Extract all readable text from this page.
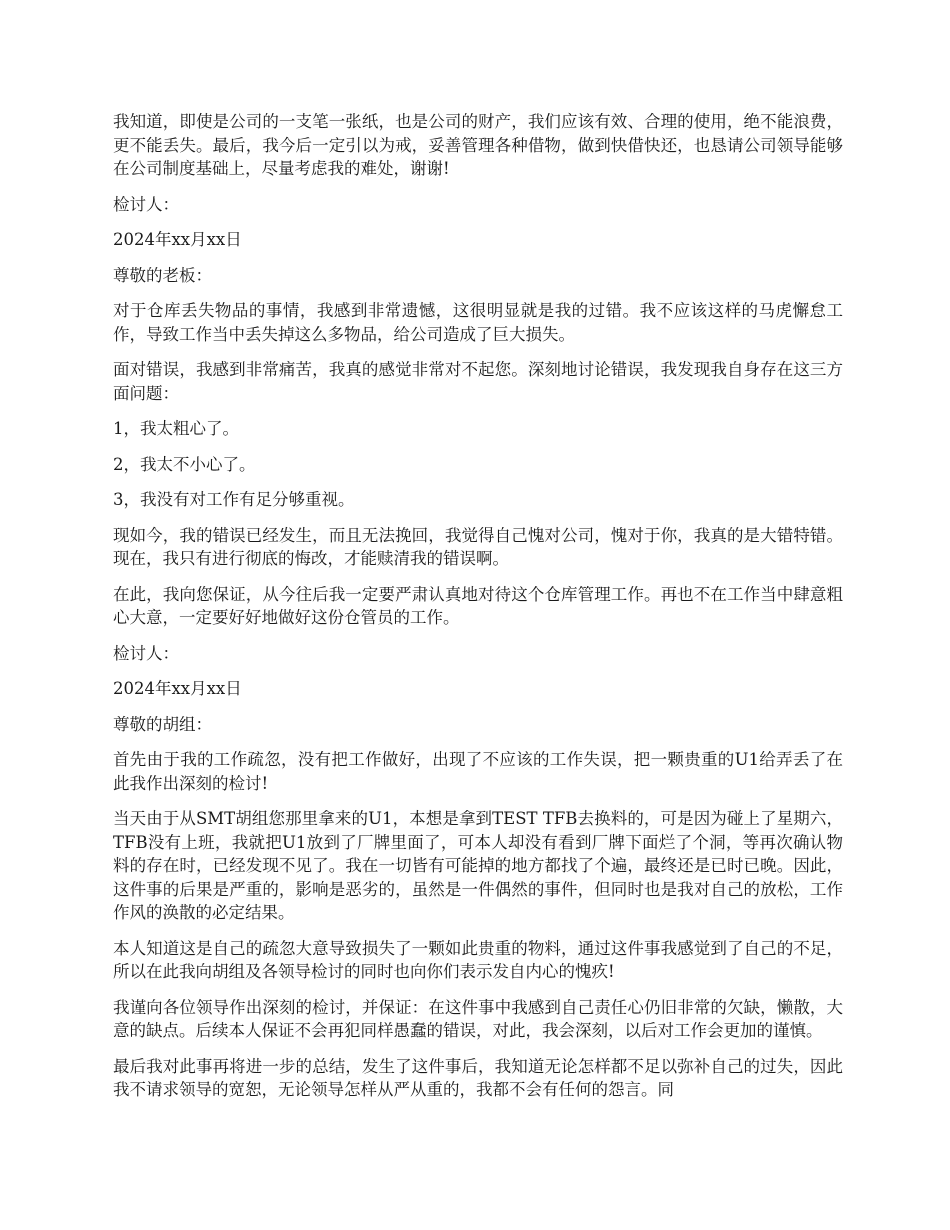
我知道，即使是公司的一支笔一张纸，也是公司的财产，我们应该有效、合理的使用，绝不能浪费，更不能丢失。最后，我今后一定引以为戒，妥善管理各种借物，做到快借快还，也恳请公司领导能够在公司制度基础上，尽量考虑我的难处，谢谢!

检讨人：

2024年xx月xx日

尊敬的老板：

对于仓库丢失物品的事情，我感到非常遗憾，这很明显就是我的过错。我不应该这样的马虎懈怠工作，导致工作当中丢失掉这么多物品，给公司造成了巨大损失。

面对错误，我感到非常痛苦，我真的感觉非常对不起您。深刻地讨论错误，我发现我自身存在这三方面问题：

1，我太粗心了。

2，我太不小心了。

3，我没有对工作有足分够重视。

现如今，我的错误已经发生，而且无法挽回，我觉得自己愧对公司，愧对于你，我真的是大错特错。现在，我只有进行彻底的悔改，才能赎清我的错误啊。

在此，我向您保证，从今往后我一定要严肃认真地对待这个仓库管理工作。再也不在工作当中肆意粗心大意，一定要好好地做好这份仓管员的工作。

检讨人：

2024年xx月xx日

尊敬的胡组：

首先由于我的工作疏忽，没有把工作做好，出现了不应该的工作失误，把一颗贵重的U1给弄丢了在此我作出深刻的检讨!

当天由于从SMT胡组您那里拿来的U1，本想是拿到TEST TFB去换料的，可是因为碰上了星期六，TFB没有上班，我就把U1放到了厂牌里面了，可本人却没有看到厂牌下面烂了个洞，等再次确认物料的存在时，已经发现不见了。我在一切皆有可能掉的地方都找了个遍，最终还是已时已晚。因此，这件事的后果是严重的，影响是恶劣的，虽然是一件偶然的事件，但同时也是我对自己的放松，工作作风的涣散的必定结果。

本人知道这是自己的疏忽大意导致损失了一颗如此贵重的物料，通过这件事我感觉到了自己的不足，所以在此我向胡组及各领导检讨的同时也向你们表示发自内心的愧疚!

我谨向各位领导作出深刻的检讨，并保证：在这件事中我感到自己责任心仍旧非常的欠缺，懒散，大意的缺点。后续本人保证不会再犯同样愚蠢的错误，对此，我会深刻，以后对工作会更加的谨慎。

最后我对此事再将进一步的总结，发生了这件事后，我知道无论怎样都不足以弥补自己的过失，因此我不请求领导的宽恕，无论领导怎样从严从重的，我都不会有任何的怨言。同
